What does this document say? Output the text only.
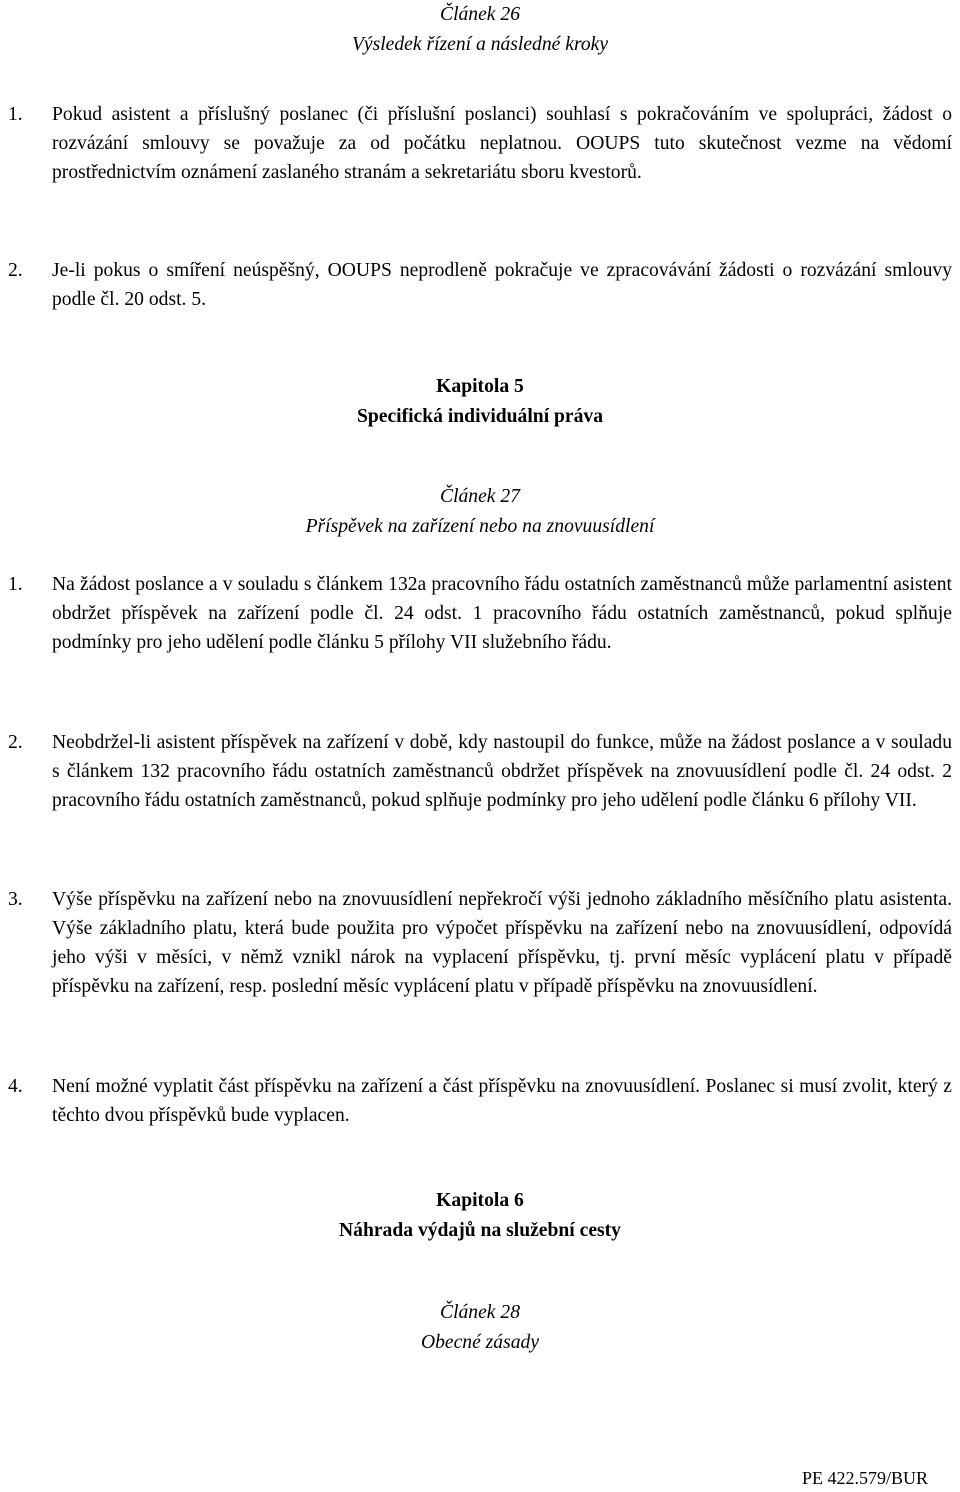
Článek 26
Výsledek řízení a následné kroky
1. Pokud asistent a příslušný poslanec (či příslušní poslanci) souhlasí s pokračováním ve spolupráci, žádost o rozvázání smlouvy se považuje za od počátku neplatnou. OOUPS tuto skutečnost vezme na vědomí prostřednictvím oznámení zaslaného stranám a sekretariátu sboru kvestorů.
2. Je-li pokus o smíření neúspěšný, OOUPS neprodleně pokračuje ve zpracovávání žádosti o rozvázání smlouvy podle čl. 20 odst. 5.
Kapitola 5
Specifická individuální práva
Článek 27
Příspěvek na zařízení nebo na znovuusídlení
1. Na žádost poslance a v souladu s článkem 132a pracovního řádu ostatních zaměstnanců může parlamentní asistent obdržet příspěvek na zařízení podle čl. 24 odst. 1 pracovního řádu ostatních zaměstnanců, pokud splňuje podmínky pro jeho udělení podle článku 5 přílohy VII služebního řádu.
2. Neobdržel-li asistent příspěvek na zařízení v době, kdy nastoupil do funkce, může na žádost poslance a v souladu s článkem 132 pracovního řádu ostatních zaměstnanců obdržet příspěvek na znovuusídlení podle čl. 24 odst. 2 pracovního řádu ostatních zaměstnanců, pokud splňuje podmínky pro jeho udělení podle článku 6 přílohy VII.
3. Výše příspěvku na zařízení nebo na znovuusídlení nepřekročí výši jednoho základního měsíčního platu asistenta. Výše základního platu, která bude použita pro výpočet příspěvku na zařízení nebo na znovuusídlení, odpovídá jeho výši v měsíci, v němž vznikl nárok na vyplacení příspěvku, tj. první měsíc vyplácení platu v případě příspěvku na zařízení, resp. poslední měsíc vyplácení platu v případě příspěvku na znovuusídlení.
4. Není možné vyplatit část příspěvku na zařízení a část příspěvku na znovuusídlení. Poslanec si musí zvolit, který z těchto dvou příspěvků bude vyplacen.
Kapitola 6
Náhrada výdajů na služební cesty
Článek 28
Obecné zásady
PE 422.579/BUR
